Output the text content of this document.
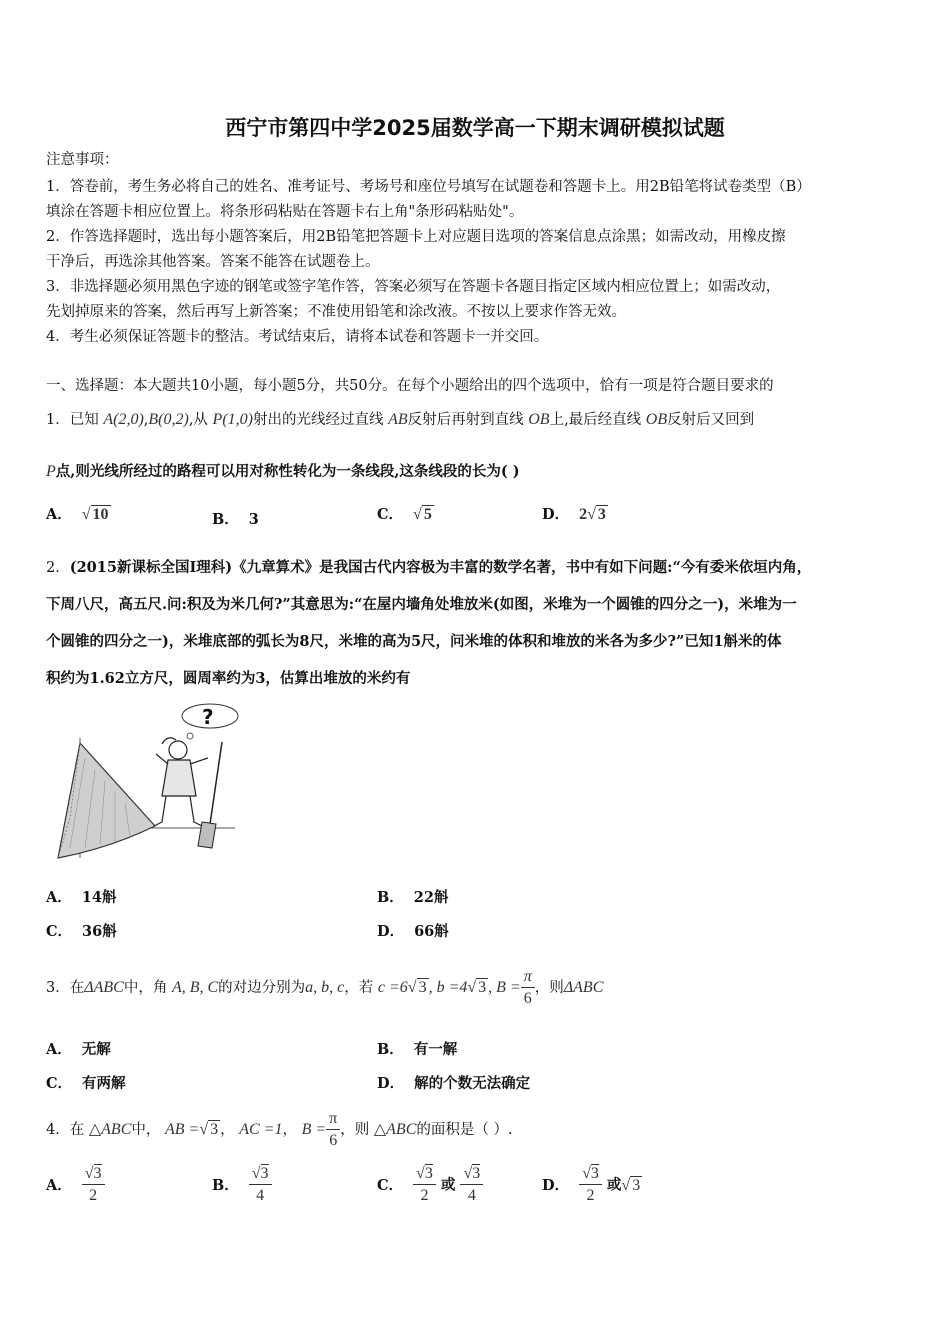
西宁市第四中学2025届数学高一下期末调研模拟试题
注意事项：
1．答卷前，考生务必将自己的姓名、准考证号、考场号和座位号填写在试题卷和答题卡上。用2B铅笔将试卷类型（B）
填涂在答题卡相应位置上。将条形码粘贴在答题卡右上角"条形码粘贴处"。
2．作答选择题时，选出每小题答案后，用2B铅笔把答题卡上对应题目选项的答案信息点涂黑；如需改动，用橡皮擦
干净后，再选涂其他答案。答案不能答在试题卷上。
3．非选择题必须用黑色字迹的钢笔或签字笔作答，答案必须写在答题卡各题目指定区域内相应位置上；如需改动，
先划掉原来的答案，然后再写上新答案；不准使用铅笔和涂改液。不按以上要求作答无效。
4．考生必须保证答题卡的整洁。考试结束后，请将本试卷和答题卡一并交回。
一、选择题：本大题共10小题，每小题5分，共50分。在每个小题给出的四个选项中，恰有一项是符合题目要求的
1．已知 A(2,0),B(0,2),从 P(1,0)射出的光线经过直线 AB反射后再射到直线 OB上,最后经直线 OB反射后又回到
P点,则光线所经过的路程可以用对称性转化为一条线段,这条线段的长为( )
A． √ 10	B． 3	C． √ 5	D． 2√ 3
2．(2015新课标全国I理科)《九章算术》是我国古代内容极为丰富的数学名著，书中有如下问题:“今有委米依垣内角，
下周八尺，高五尺.问:积及为米几何?”其意思为:“在屋内墙角处堆放米(如图，米堆为一个圆锥的四分之一)，米堆为一
个圆锥的四分之一)，米堆底部的弧长为8尺，米堆的高为5尺，问米堆的体积和堆放的米各为多少?”已知1斛米的体
积约为1.62立方尺，圆周率约为3，估算出堆放的米约有
?
A． 14斛	B． 22斛
C． 36斛	D． 66斛
3．在ΔABC中，角 A, B, C的对边分别为a, b, c，若 c =6√ 3 , b =4√ 3 , $B = \frac{\pi}{6}$ ，则ΔABC
A． 无解	B． 有一解
C． 有两解	D． 解的个数无法确定
4．在 △ABC中， AB =√ 3 ， AC =1， $B = \frac{\pi}{6}$ ，则 △ABC的面积是（ ）.
A． $\frac{√3}{2}$	B． $\frac{√3}{4}$	C． $\frac{√3}{2}$ 或 $\frac{√3}{4}$	D． $\frac{√3}{2}$ 或√ 3
